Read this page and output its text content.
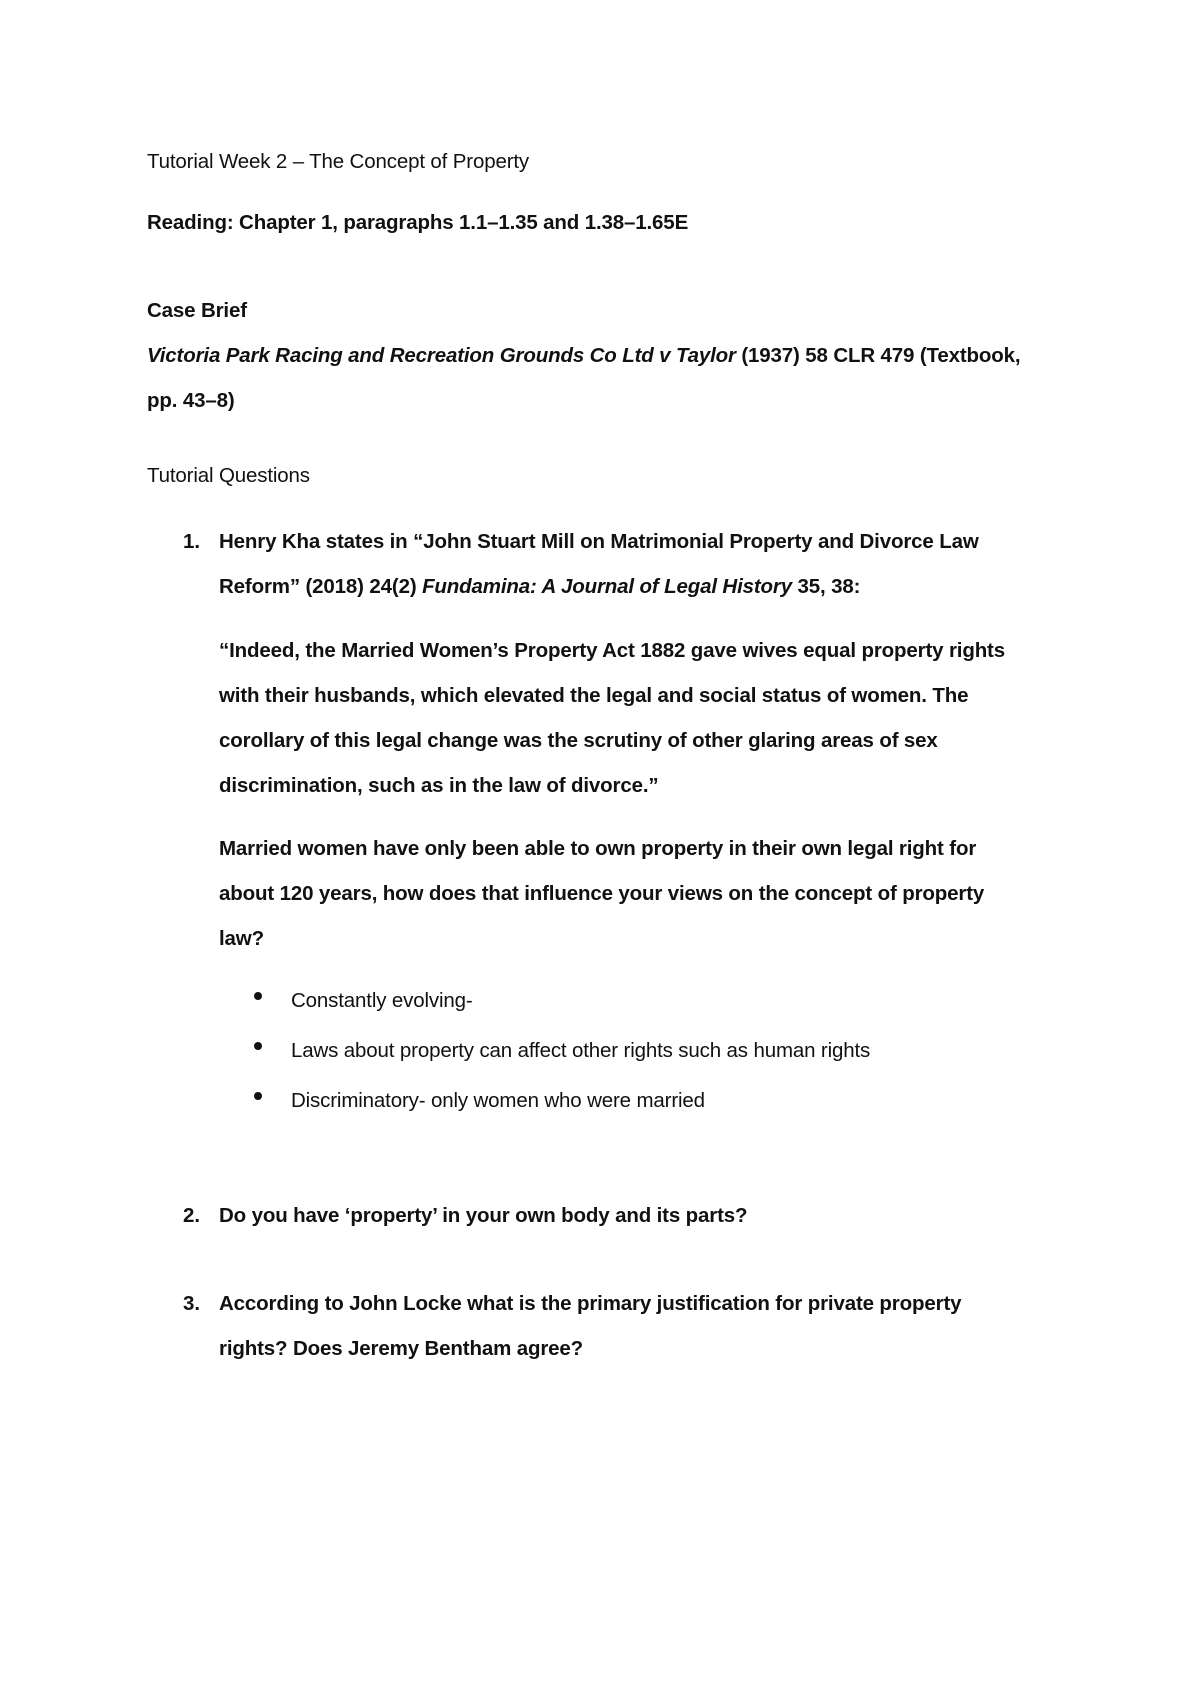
Tutorial Week 2 – The Concept of Property
Reading: Chapter 1, paragraphs 1.1–1.35 and 1.38–1.65E
Case Brief
Victoria Park Racing and Recreation Grounds Co Ltd v Taylor (1937) 58 CLR 479 (Textbook,
pp. 43–8)
Tutorial Questions
1. Henry Kha states in “John Stuart Mill on Matrimonial Property and Divorce Law
Reform” (2018) 24(2) Fundamina: A Journal of Legal History 35, 38:
“Indeed, the Married Women’s Property Act 1882 gave wives equal property rights
with their husbands, which elevated the legal and social status of women. The
corollary of this legal change was the scrutiny of other glaring areas of sex
discrimination, such as in the law of divorce.”
Married women have only been able to own property in their own legal right for
about 120 years, how does that influence your views on the concept of property
law?
Constantly evolving-
Laws about property can affect other rights such as human rights
Discriminatory- only women who were married
2. Do you have ‘property’ in your own body and its parts?
3. According to John Locke what is the primary justification for private property
rights? Does Jeremy Bentham agree?
